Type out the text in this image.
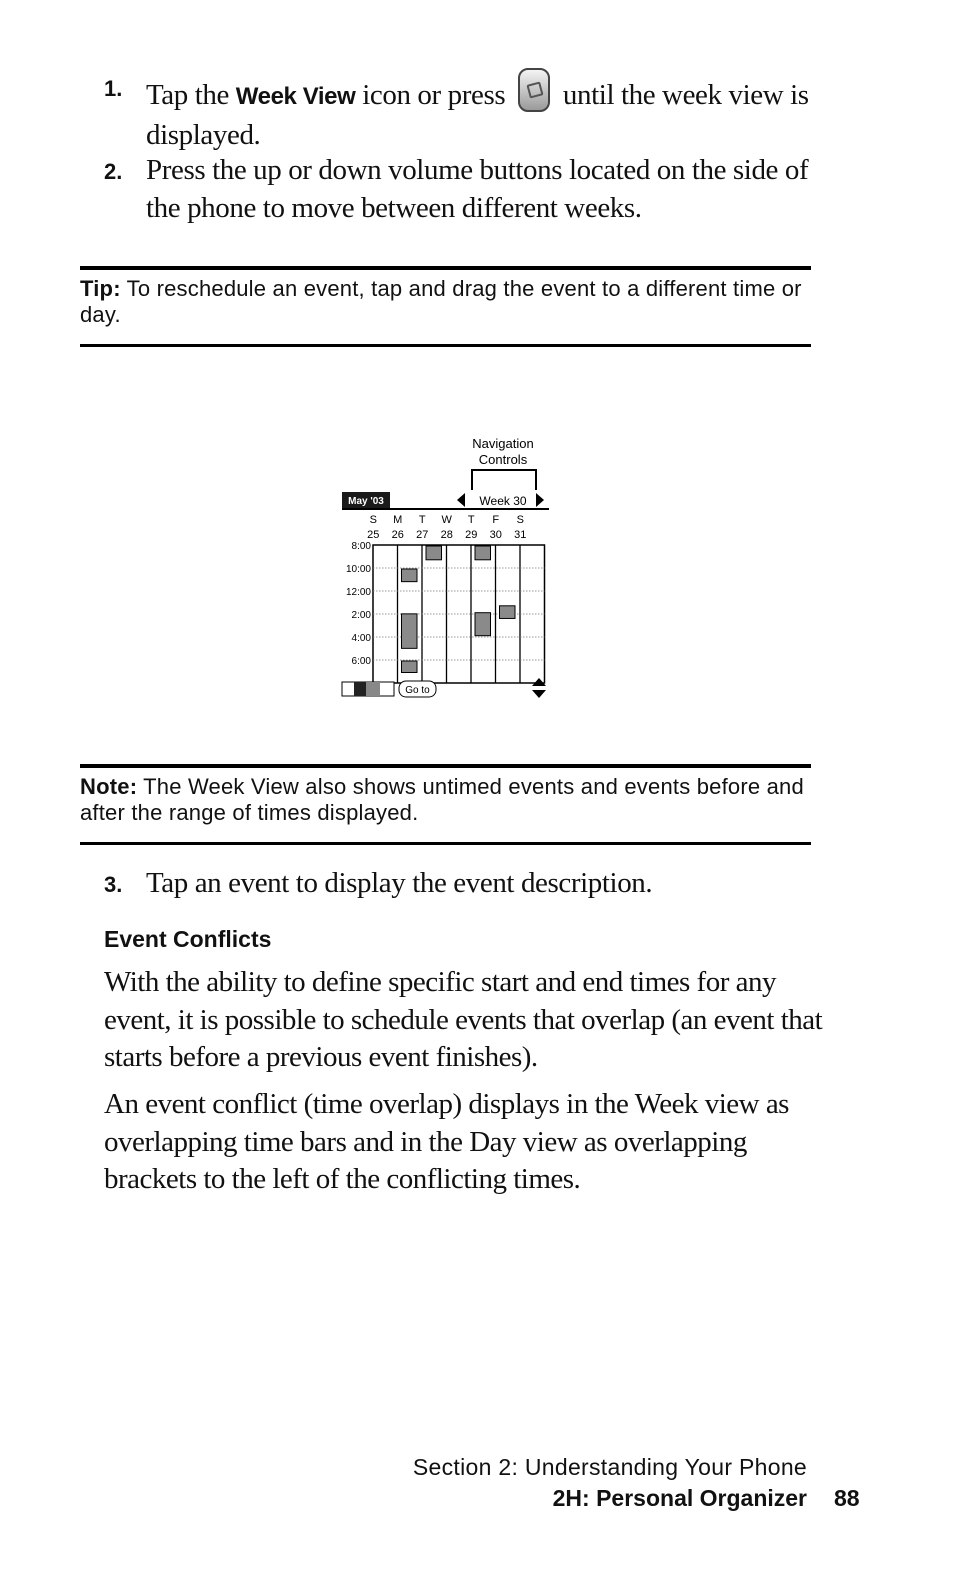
1. Tap the Week View icon or press  until the week view is displayed.
2. Press the up or down volume buttons located on the side of the phone to move between different weeks.
Tip: To reschedule an event, tap and drag the event to a different time or day.
Navigation
Controls
May '03	Week 30
S
25
M
26
T
27
W
28
T
29
F
30
S
31
8:00
10:00
12:00
2:00
4:00
6:00
Go to
Note: The Week View also shows untimed events and events before and after the range of times displayed.
3. Tap an event to display the event description.
Event Conflicts
With the ability to define specific start and end times for any event, it is possible to schedule events that overlap (an event that starts before a previous event finishes).
An event conflict (time overlap) displays in the Week view as overlapping time bars and in the Day view as overlapping brackets to the left of the conflicting times.
Section 2: Understanding Your Phone
2H: Personal Organizer 88
